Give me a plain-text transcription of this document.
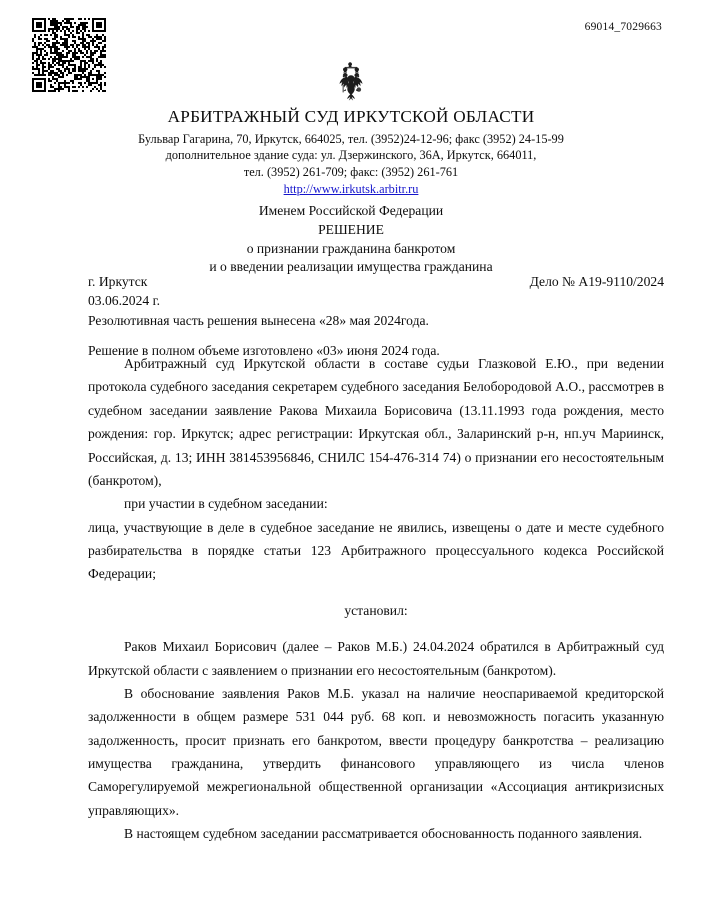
69014_7029663
АРБИТРАЖНЫЙ СУД ИРКУТСКОЙ ОБЛАСТИ
Бульвар Гагарина, 70, Иркутск, 664025, тел. (3952)24-12-96; факс (3952) 24-15-99
дополнительное здание суда: ул. Дзержинского, 36А, Иркутск, 664011,
тел. (3952) 261-709; факс: (3952) 261-761
http://www.irkutsk.arbitr.ru
Именем Российской Федерации
РЕШЕНИЕ
о признании гражданина банкротом
и о введении реализации имущества гражданина
г. Иркутск	Дело № А19-9110/2024
03.06.2024 г.
Резолютивная часть решения вынесена «28» мая 2024года.
Решение в полном объеме изготовлено «03» июня 2024 года.

Арбитражный суд Иркутской области в составе судьи Глазковой Е.Ю., при ведении протокола судебного заседания секретарем судебного заседания Белобородовой А.О., рассмотрев в судебном заседании заявление Ракова Михаила Борисовича (13.11.1993 года рождения, место рождения: гор. Иркутск; адрес регистрации: Иркутская обл., Заларинский р-н, нп.уч Мариинск, Российская, д. 13; ИНН 381453956846, СНИЛС 154-476-314 74) о признании его несостоятельным (банкротом),

при участии в судебном заседании:

лица, участвующие в деле в судебное заседание не явились, извещены о дате и месте судебного разбирательства в порядке статьи 123 Арбитражного процессуального кодекса Российской Федерации;

установил:

Раков Михаил Борисович (далее – Раков М.Б.) 24.04.2024 обратился в Арбитражный суд Иркутской области с заявлением о признании его несостоятельным (банкротом).

В обоснование заявления Раков М.Б. указал на наличие неоспариваемой кредиторской задолженности в общем размере 531 044 руб. 68 коп. и невозможность погасить указанную задолженность, просит признать его банкротом, ввести процедуру банкротства – реализацию имущества гражданина, утвердить финансового управляющего из числа членов Саморегулируемой межрегиональной общественной организации «Ассоциация антикризисных управляющих».

В настоящем судебном заседании рассматривается обоснованность поданного заявления.
